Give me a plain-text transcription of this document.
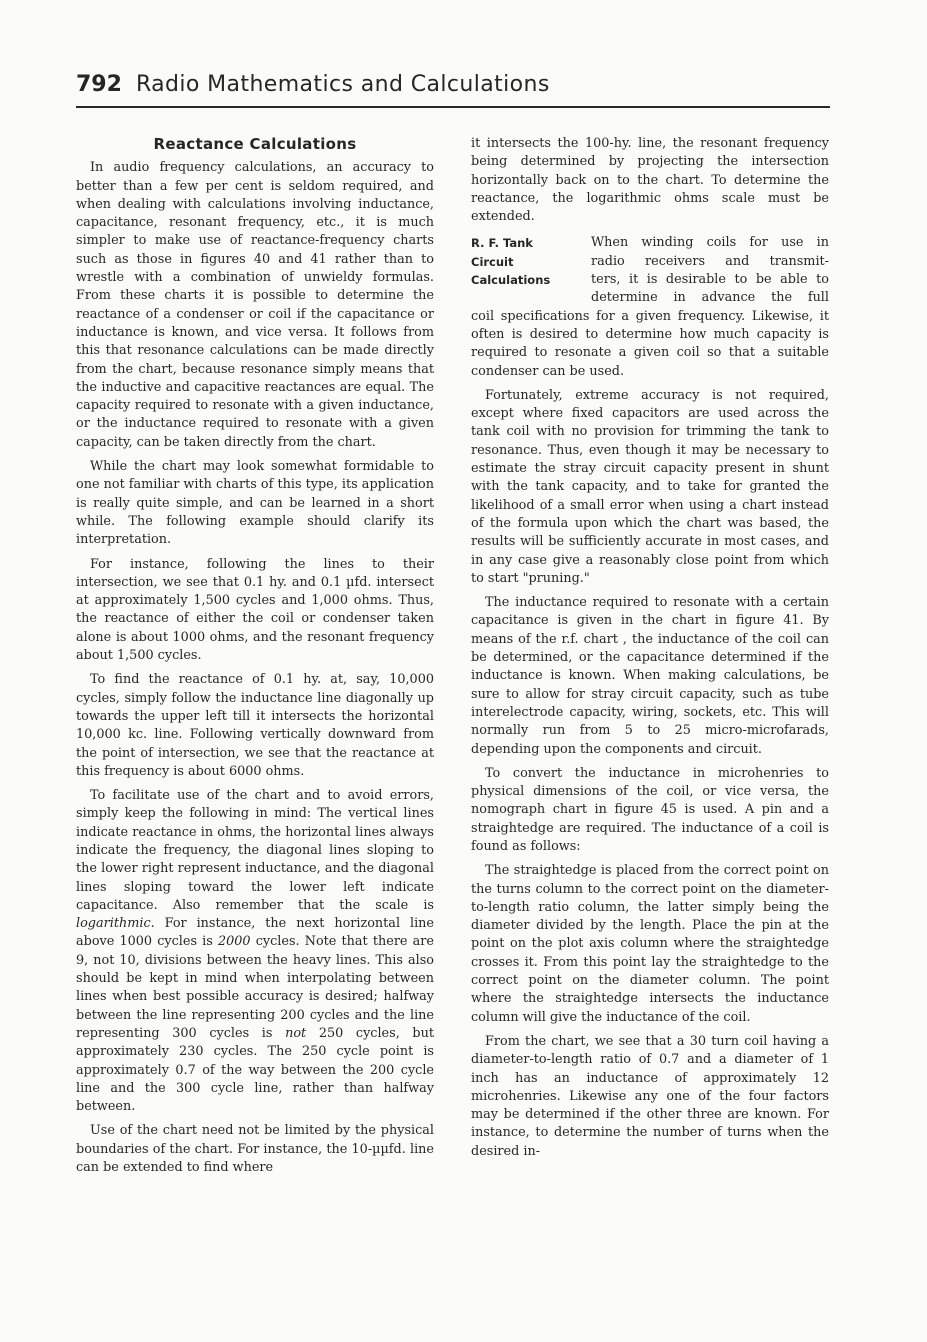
792 Radio Mathematics and Calculations
Reactance Calculations

In audio frequency calculations, an accuracy to better than a few per cent is seldom required, and when dealing with calculations involving inductance, capacitance, resonant frequency, etc., it is much simpler to make use of reactance-frequency charts such as those in figures 40 and 41 rather than to wrestle with a combination of unwieldy formulas. From these charts it is possible to determine the reactance of a condenser or coil if the capacitance or inductance is known, and vice versa. It follows from this that resonance calculations can be made directly from the chart, because resonance simply means that the inductive and capacitive reactances are equal. The capacity required to resonate with a given inductance, or the inductance required to resonate with a given capacity, can be taken directly from the chart.

While the chart may look somewhat formidable to one not familiar with charts of this type, its application is really quite simple, and can be learned in a short while. The following example should clarify its interpretation.

For instance, following the lines to their intersection, we see that 0.1 hy. and 0.1 µfd. intersect at approximately 1,500 cycles and 1,000 ohms. Thus, the reactance of either the coil or condenser taken alone is about 1000 ohms, and the resonant frequency about 1,500 cycles.

To find the reactance of 0.1 hy. at, say, 10,000 cycles, simply follow the inductance line diagonally up towards the upper left till it intersects the horizontal 10,000 kc. line. Following vertically downward from the point of intersection, we see that the reactance at this frequency is about 6000 ohms.

To facilitate use of the chart and to avoid errors, simply keep the following in mind: The vertical lines indicate reactance in ohms, the horizontal lines always indicate the frequency, the diagonal lines sloping to the lower right represent inductance, and the diagonal lines sloping toward the lower left indicate capacitance. Also remember that the scale is logarithmic. For instance, the next horizontal line above 1000 cycles is 2000 cycles. Note that there are 9, not 10, divisions between the heavy lines. This also should be kept in mind when interpolating between lines when best possible accuracy is desired; halfway between the line representing 200 cycles and the line representing 300 cycles is not 250 cycles, but approximately 230 cycles. The 250 cycle point is approximately 0.7 of the way between the 200 cycle line and the 300 cycle line, rather than halfway between.

Use of the chart need not be limited by the physical boundaries of the chart. For instance, the 10-µµfd. line can be extended to find where

it intersects the 100-hy. line, the resonant frequency being determined by projecting the intersection horizontally back on to the chart. To determine the reactance, the logarithmic ohms scale must be extended.

R. F. Tank
Circuit
Calculations
When winding coils for use in
radio receivers and transmit-
ters, it is desirable to be able to
determine in advance the full

coil specifications for a given frequency. Likewise, it often is desired to determine how much capacity is required to resonate a given coil so that a suitable condenser can be used.

Fortunately, extreme accuracy is not required, except where fixed capacitors are used across the tank coil with no provision for trimming the tank to resonance. Thus, even though it may be necessary to estimate the stray circuit capacity present in shunt with the tank capacity, and to take for granted the likelihood of a small error when using a chart instead of the formula upon which the chart was based, the results will be sufficiently accurate in most cases, and in any case give a reasonably close point from which to start "pruning."

The inductance required to resonate with a certain capacitance is given in the chart in figure 41. By means of the r.f. chart , the inductance of the coil can be determined, or the capacitance determined if the inductance is known. When making calculations, be sure to allow for stray circuit capacity, such as tube interelectrode capacity, wiring, sockets, etc. This will normally run from 5 to 25 micro-microfarads, depending upon the components and circuit.

To convert the inductance in microhenries to physical dimensions of the coil, or vice versa, the nomograph chart in figure 45 is used. A pin and a straightedge are required. The inductance of a coil is found as follows:

The straightedge is placed from the correct point on the turns column to the correct point on the diameter-to-length ratio column, the latter simply being the diameter divided by the length. Place the pin at the point on the plot axis column where the straightedge crosses it. From this point lay the straightedge to the correct point on the diameter column. The point where the straightedge intersects the inductance column will give the inductance of the coil.

From the chart, we see that a 30 turn coil having a diameter-to-length ratio of 0.7 and a diameter of 1 inch has an inductance of approximately 12 microhenries. Likewise any one of the four factors may be determined if the other three are known. For instance, to determine the number of turns when the desired in-
